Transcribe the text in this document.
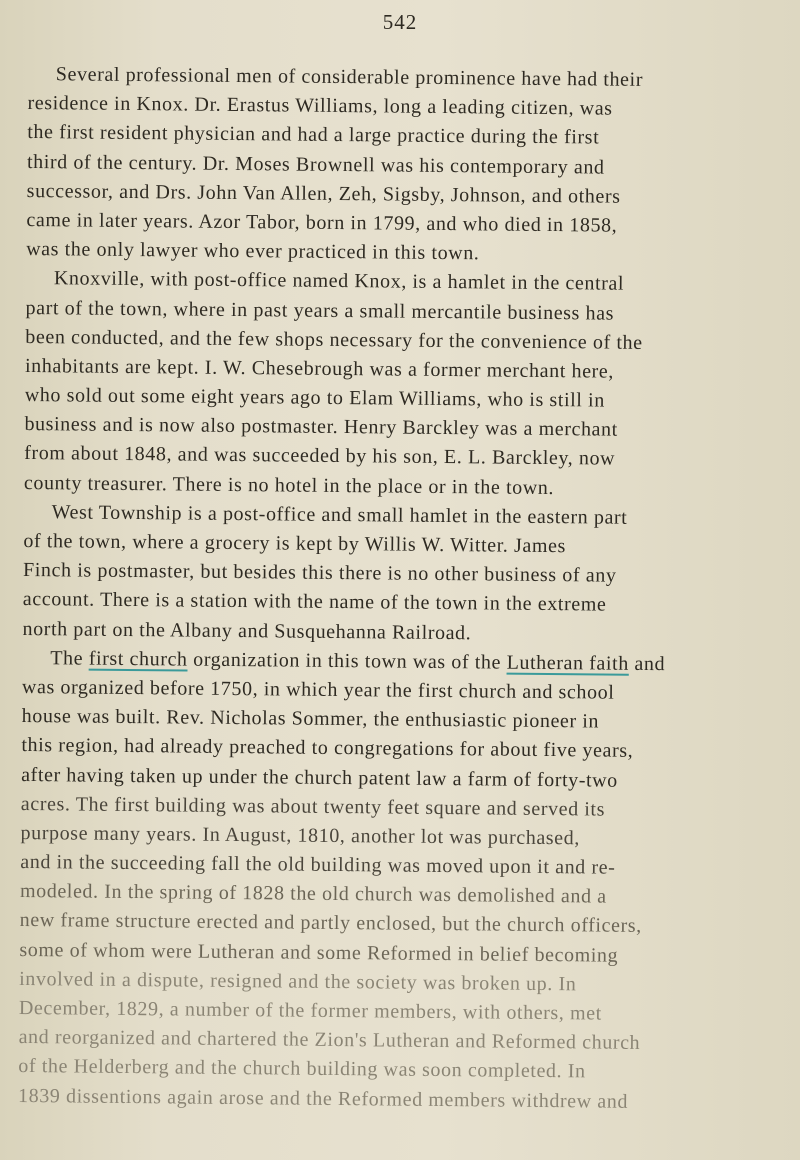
542
Several professional men of considerable prominence have had their
residence in Knox. Dr. Erastus Williams, long a leading citizen, was
the first resident physician and had a large practice during the first
third of the century. Dr. Moses Brownell was his contemporary and
successor, and Drs. John Van Allen, Zeh, Sigsby, Johnson, and others
came in later years. Azor Tabor, born in 1799, and who died in 1858,
was the only lawyer who ever practiced in this town.
Knoxville, with post-office named Knox, is a hamlet in the central
part of the town, where in past years a small mercantile business has
been conducted, and the few shops necessary for the convenience of the
inhabitants are kept. I. W. Chesebrough was a former merchant here,
who sold out some eight years ago to Elam Williams, who is still in
business and is now also postmaster. Henry Barckley was a merchant
from about 1848, and was succeeded by his son, E. L. Barckley, now
county treasurer. There is no hotel in the place or in the town.
West Township is a post-office and small hamlet in the eastern part
of the town, where a grocery is kept by Willis W. Witter. James
Finch is postmaster, but besides this there is no other business of any
account. There is a station with the name of the town in the extreme
north part on the Albany and Susquehanna Railroad.
The first church organization in this town was of the Lutheran faith and
was organized before 1750, in which year the first church and school
house was built. Rev. Nicholas Sommer, the enthusiastic pioneer in
this region, had already preached to congregations for about five years,
after having taken up under the church patent law a farm of forty-two
acres. The first building was about twenty feet square and served its
purpose many years. In August, 1810, another lot was purchased,
and in the succeeding fall the old building was moved upon it and re-
modeled. In the spring of 1828 the old church was demolished and a
new frame structure erected and partly enclosed, but the church officers,
some of whom were Lutheran and some Reformed in belief becoming
involved in a dispute, resigned and the society was broken up. In
December, 1829, a number of the former members, with others, met
and reorganized and chartered the Zion's Lutheran and Reformed church
of the Helderberg and the church building was soon completed. In
1839 dissentions again arose and the Reformed members withdrew and
